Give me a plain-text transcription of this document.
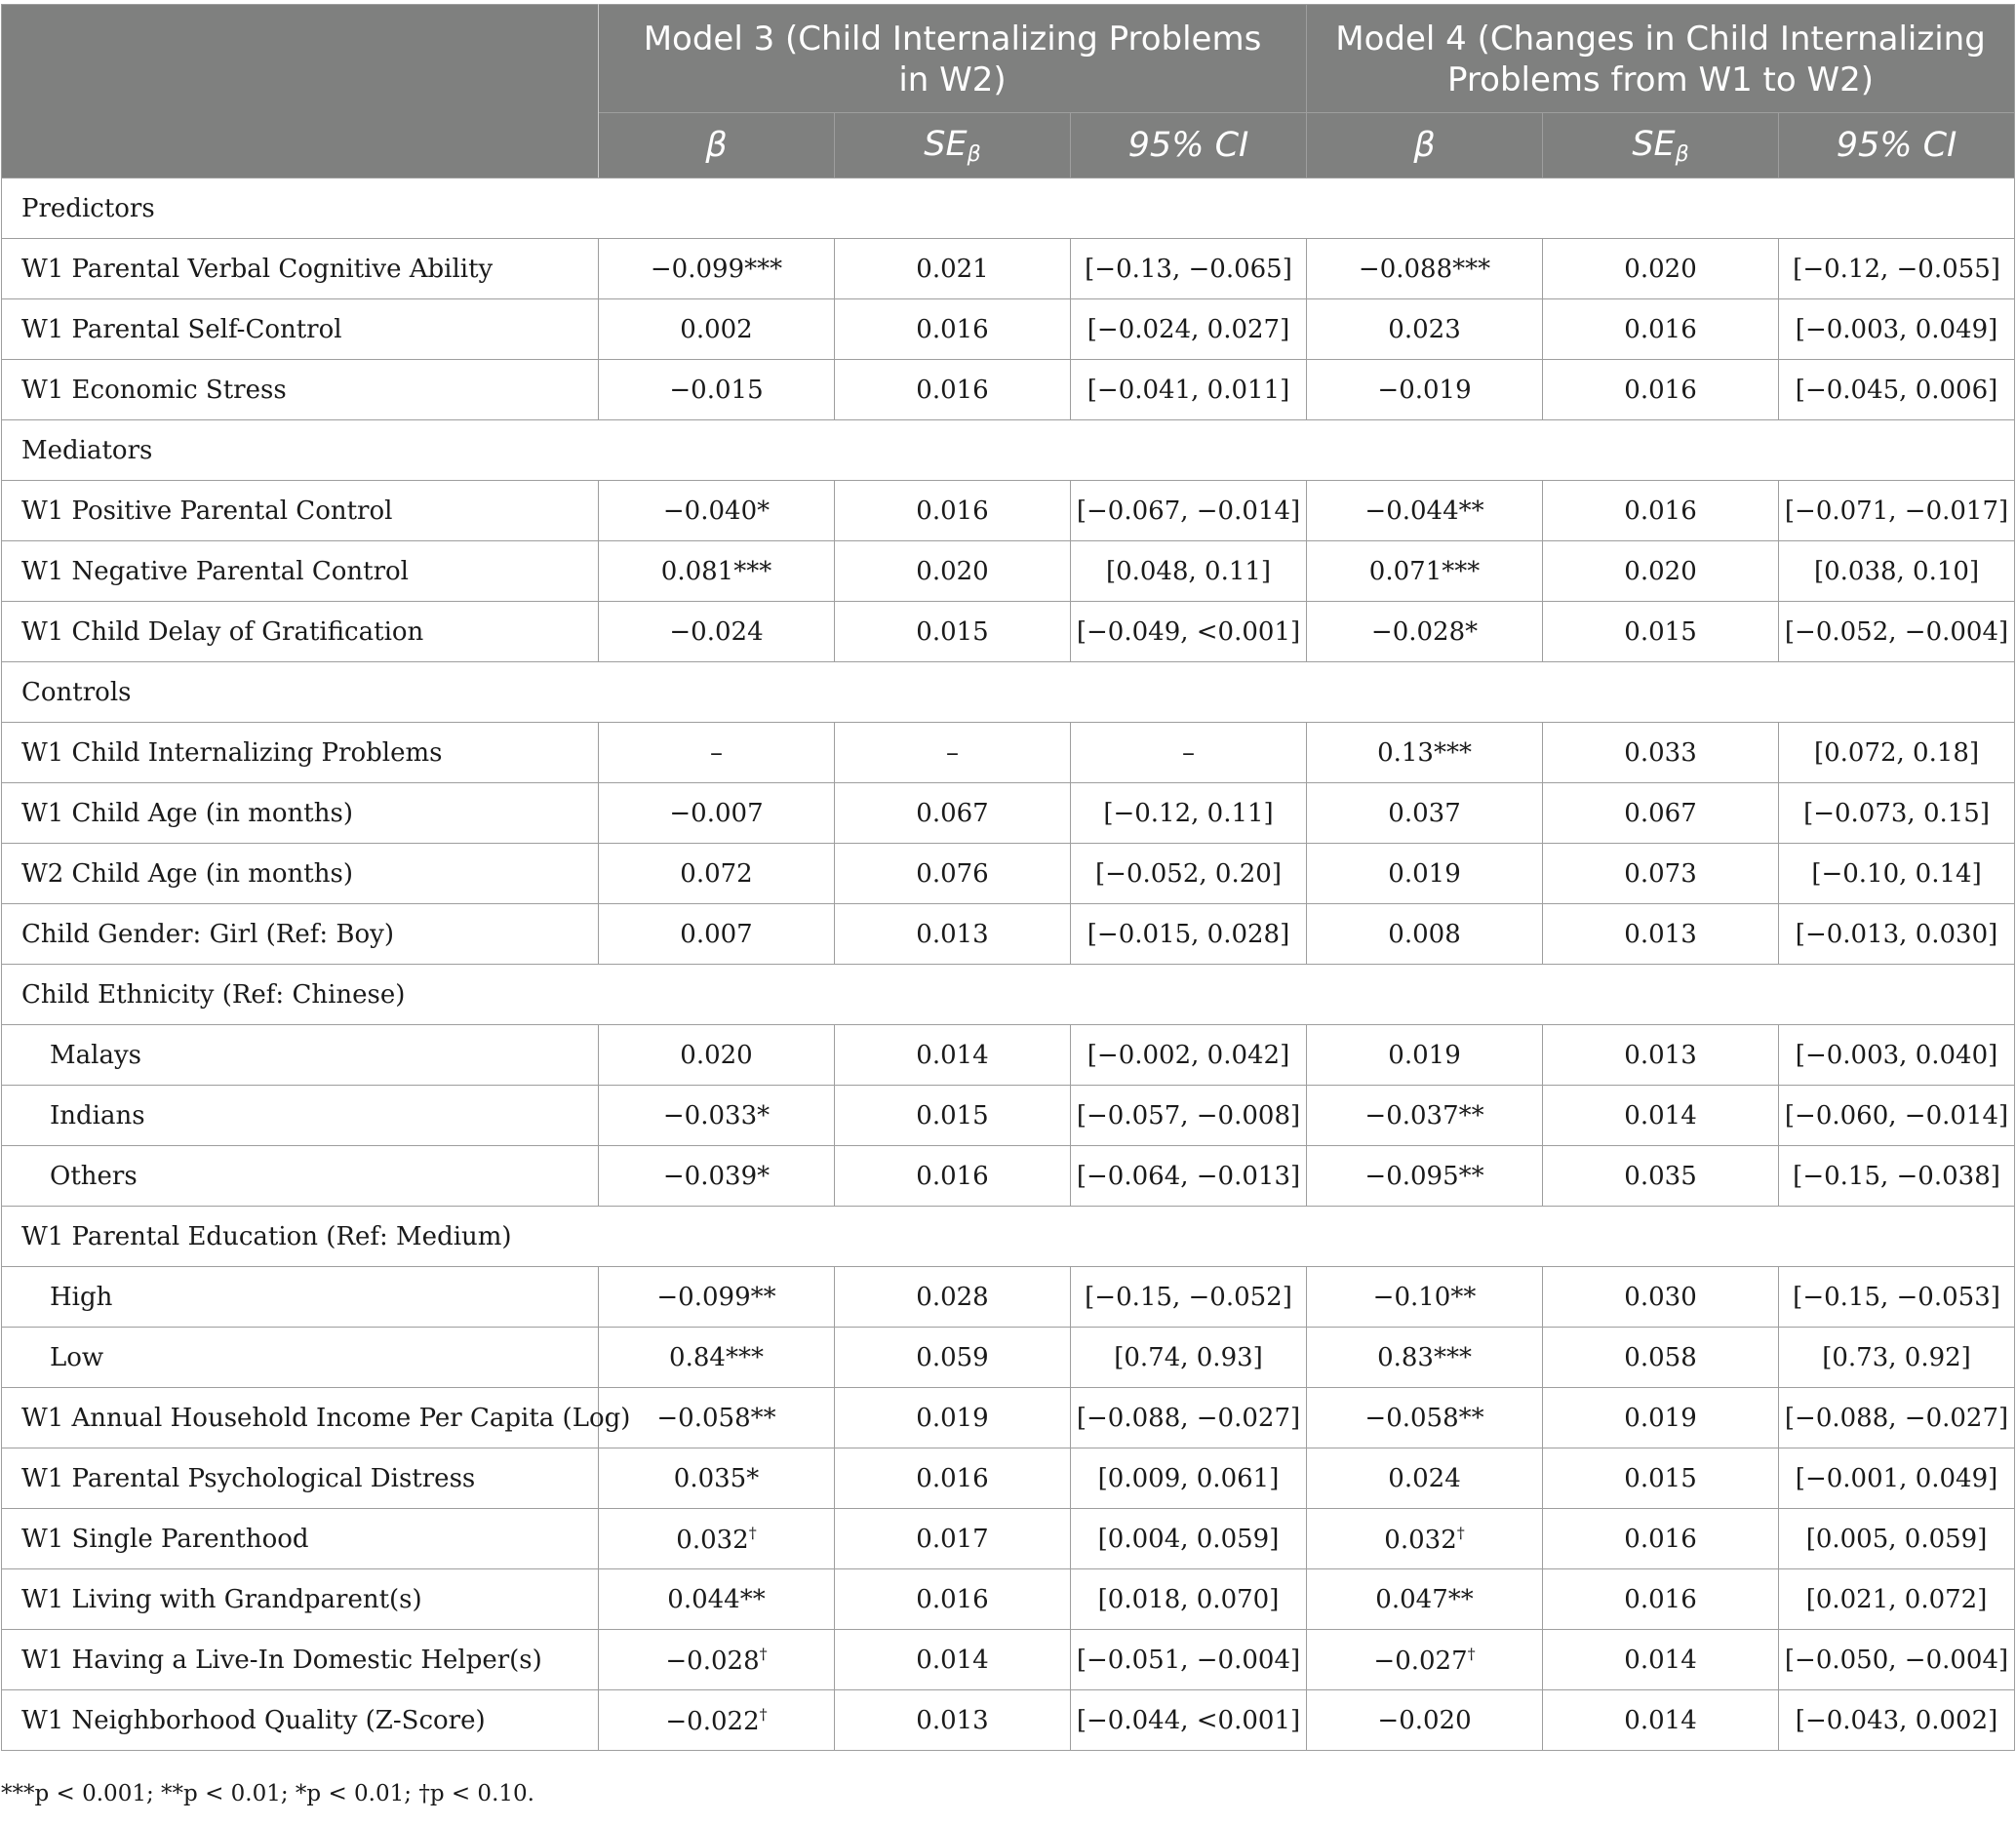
	Model 3 (Child Internalizing Problems
in W2)			Model 4 (Changes in Child Internalizing
Problems from W1 to W2)		
	β	$SE_\beta$	95% CI	β	$SE_\beta$	95% CI
Predictors						
W1 Parental Verbal Cognitive Ability	−0.099***	0.021	[−0.13, −0.065]	−0.088***	0.020	[−0.12, −0.055]
W1 Parental Self-Control	0.002	0.016	[−0.024, 0.027]	0.023	0.016	[−0.003, 0.049]
W1 Economic Stress	−0.015	0.016	[−0.041, 0.011]	−0.019	0.016	[−0.045, 0.006]
Mediators						
W1 Positive Parental Control	−0.040*	0.016	[−0.067, −0.014]	−0.044**	0.016	[−0.071, −0.017]
W1 Negative Parental Control	0.081***	0.020	[0.048, 0.11]	0.071***	0.020	[0.038, 0.10]
W1 Child Delay of Gratification	−0.024	0.015	[−0.049, <0.001]	−0.028*	0.015	[−0.052, −0.004]
Controls						
W1 Child Internalizing Problems	–	–	–	0.13***	0.033	[0.072, 0.18]
W1 Child Age (in months)	−0.007	0.067	[−0.12, 0.11]	0.037	0.067	[−0.073, 0.15]
W2 Child Age (in months)	0.072	0.076	[−0.052, 0.20]	0.019	0.073	[−0.10, 0.14]
Child Gender: Girl (Ref: Boy)	0.007	0.013	[−0.015, 0.028]	0.008	0.013	[−0.013, 0.030]
Child Ethnicity (Ref: Chinese)						
Malays	0.020	0.014	[−0.002, 0.042]	0.019	0.013	[−0.003, 0.040]
Indians	−0.033*	0.015	[−0.057, −0.008]	−0.037**	0.014	[−0.060, −0.014]
Others	−0.039*	0.016	[−0.064, −0.013]	−0.095**	0.035	[−0.15, −0.038]
W1 Parental Education (Ref: Medium)						
High	−0.099**	0.028	[−0.15, −0.052]	−0.10**	0.030	[−0.15, −0.053]
Low	0.84***	0.059	[0.74, 0.93]	0.83***	0.058	[0.73, 0.92]
W1 Annual Household Income Per Capita (Log)	−0.058**	0.019	[−0.088, −0.027]	−0.058**	0.019	[−0.088, −0.027]
W1 Parental Psychological Distress	0.035*	0.016	[0.009, 0.061]	0.024	0.015	[−0.001, 0.049]
W1 Single Parenthood	0.032†	0.017	[0.004, 0.059]	0.032†	0.016	[0.005, 0.059]
W1 Living with Grandparent(s)	0.044**	0.016	[0.018, 0.070]	0.047**	0.016	[0.021, 0.072]
W1 Having a Live-In Domestic Helper(s)	−0.028†	0.014	[−0.051, −0.004]	−0.027†	0.014	[−0.050, −0.004]
W1 Neighborhood Quality (Z-Score)	−0.022†	0.013	[−0.044, <0.001]	−0.020	0.014	[−0.043, 0.002]
***p < 0.001; **p < 0.01; *p < 0.01; †p < 0.10.
